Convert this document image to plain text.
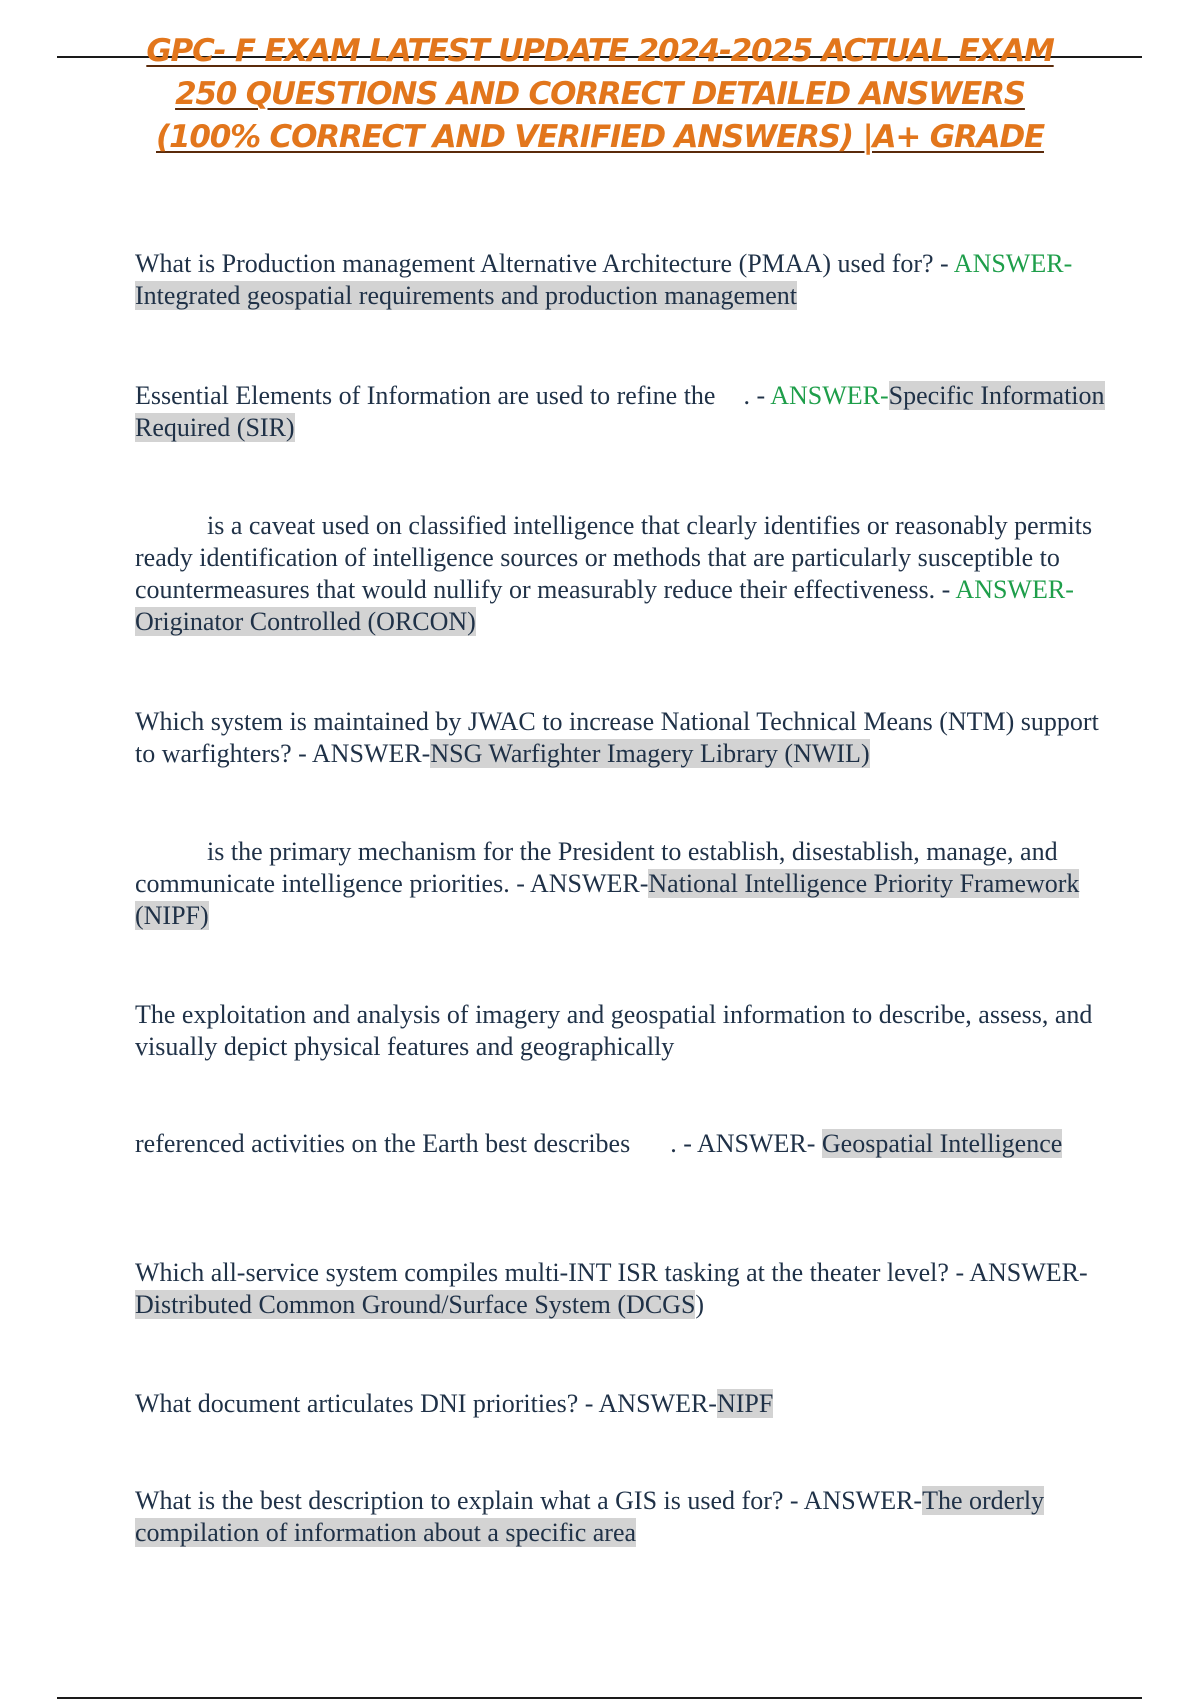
GPC- F EXAM LATEST UPDATE 2024-2025 ACTUAL EXAM
250 QUESTIONS AND CORRECT DETAILED ANSWERS
(100% CORRECT AND VERIFIED ANSWERS) |A+ GRADE
What is Production management Alternative Architecture (PMAA) used for? - ANSWER-Integrated geospatial requirements and production management
Essential Elements of Information are used to refine the . - ANSWER-Specific Information Required (SIR)
is a caveat used on classified intelligence that clearly identifies or reasonably permits ready identification of intelligence sources or methods that are particularly susceptible to countermeasures that would nullify or measurably reduce their effectiveness. - ANSWER-Originator Controlled (ORCON)
Which system is maintained by JWAC to increase National Technical Means (NTM) support to warfighters? - ANSWER-NSG Warfighter Imagery Library (NWIL)
is the primary mechanism for the President to establish, disestablish, manage, and communicate intelligence priorities. - ANSWER-National Intelligence Priority Framework (NIPF)
The exploitation and analysis of imagery and geospatial information to describe, assess, and visually depict physical features and geographically
referenced activities on the Earth best describes . - ANSWER- Geospatial Intelligence
Which all-service system compiles multi-INT ISR tasking at the theater level? - ANSWER-Distributed Common Ground/Surface System (DCGS)
What document articulates DNI priorities? - ANSWER-NIPF
What is the best description to explain what a GIS is used for? - ANSWER-The orderly compilation of information about a specific area
